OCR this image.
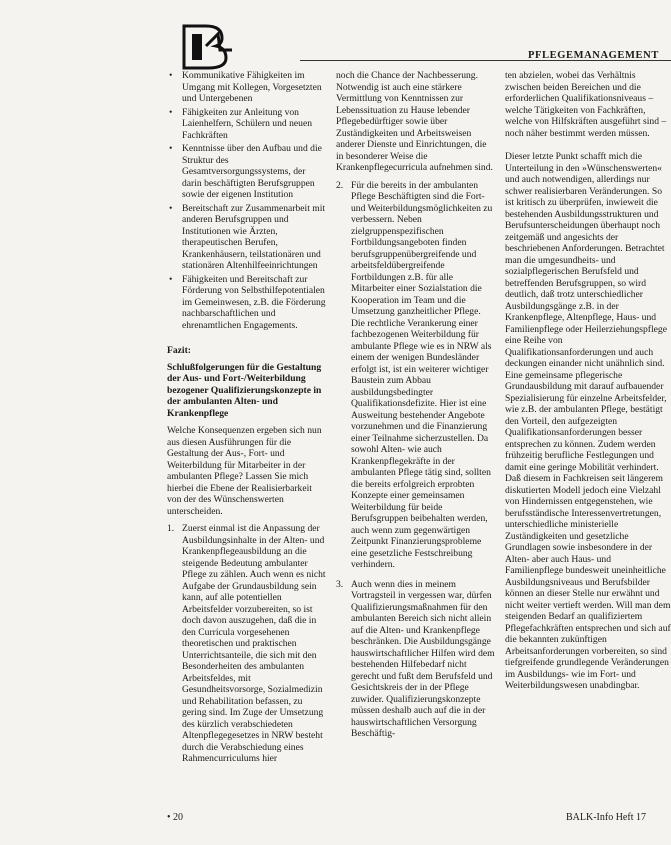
PFLEGEMANAGEMENT
• Kommunikative Fähigkeiten im Umgang mit Kollegen, Vorgesetzten und Untergebenen
• Fähigkeiten zur Anleitung von Laienhelfern, Schülern und neuen Fachkräften
• Kenntnisse über den Aufbau und die Struktur des Gesamtversorgungssystems, der darin beschäftigten Berufsgruppen sowie der eigenen Institution
• Bereitschaft zur Zusammenarbeit mit anderen Berufsgruppen und Institutionen wie Ärzten, therapeutischen Berufen, Krankenhäusern, teilstationären und stationären Altenhilfeeinrichtungen
• Fähigkeiten und Bereitschaft zur Förderung von Selbsthilfepotentialen im Gemeinwesen, z.B. die Förderung nachbarschaftlichen und ehrenamtlichen Engagements.
Fazit:
Schlußfolgerungen für die Gestaltung der Aus- und Fort-/Weiterbildung bezogener Qualifizierungskonzepte in der ambulanten Alten- und Krankenpflege

Welche Konsequenzen ergeben sich nun aus diesen Ausführungen für die Gestaltung der Aus-, Fort- und Weiterbildung für Mitarbeiter in der ambulanten Pflege? Lassen Sie mich hierbei die Ebene der Realisierbarkeit von der des Wünschenswerten unterscheiden.

1. Zuerst einmal ist die Anpassung der Ausbildungsinhalte in der Alten- und Krankenpflegeausbildung an die steigende Bedeutung ambulanter Pflege zu zählen. Auch wenn es nicht Aufgabe der Grundausbildung sein kann, auf alle potentiellen Arbeitsfelder vorzubereiten, so ist doch davon auszugehen, daß die in den Curricula vorgesehenen theoretischen und praktischen Unterrichtsanteile, die sich mit den Besonderheiten des ambulanten Arbeitsfeldes, mit Gesundheitsvorsorge, Sozialmedizin und Rehabilitation befassen, zu gering sind. Im Zuge der Umsetzung des kürzlich verabschiedeten Altenpflegegesetzes in NRW besteht durch die Verabschiedung eines Rahmencurriculums hier

noch die Chance der Nachbesserung. Notwendig ist auch eine stärkere Vermittlung von Kenntnissen zur Lebenssituation zu Hause lebender Pflegebedürftiger sowie über Zuständigkeiten und Arbeitsweisen anderer Dienste und Einrichtungen, die in besonderer Weise die Krankenpflegecurricula aufnehmen sind.

2. Für die bereits in der ambulanten Pflege Beschäftigten sind die Fort- und Weiterbildungsmöglichkeiten zu verbessern. Neben zielgruppenspezifischen Fortbildungsangeboten finden berufsgruppenübergreifende und arbeitsfeldübergreifende Fortbildungen z.B. für alle Mitarbeiter einer Sozialstation die Kooperation im Team und die Umsetzung ganzheitlicher Pflege. Die rechtliche Verankerung einer fachbezogenen Weiterbildung für ambulante Pflege wie es in NRW als einem der wenigen Bundesländer erfolgt ist, ist ein weiterer wichtiger Baustein zum Abbau ausbildungsbedingter Qualifikationsdefizite. Hier ist eine Ausweitung bestehender Angebote vorzunehmen und die Finanzierung einer Teilnahme sicherzustellen. Da sowohl Alten- wie auch Krankenpflegekräfte in der ambulanten Pflege tätig sind, sollten die bereits erfolgreich erprobten Konzepte einer gemeinsamen Weiterbildung für beide Berufsgruppen beibehalten werden, auch wenn zum gegenwärtigen Zeitpunkt Finanzierungsprobleme eine gesetzliche Festschreibung verhindern.
3. Auch wenn dies in meinem Vortragsteil in vergessen war, dürfen Qualifizierungsmaßnahmen für den ambulanten Bereich sich nicht allein auf die Alten- und Krankenpflege beschränken. Die Ausbildungsgänge hauswirtschaftlicher Hilfen wird dem bestehenden Hilfebedarf nicht gerecht und fußt dem Berufsfeld und Gesichtskreis der in der Pflege zuwider. Qualifizierungskonzepte müssen deshalb auch auf die in der hauswirtschaftlichen Versorgung Beschäftig-

ten abzielen, wobei das Verhältnis zwischen beiden Bereichen und die erforderlichen Qualifikationsniveaus – welche Tätigkeiten von Fachkräften, welche von Hilfskräften ausgeführt sind – noch näher bestimmt werden müssen.

Dieser letzte Punkt schafft mich die Unterteilung in den »Wünschenswerten« und auch notwendigen, allerdings nur schwer realisierbaren Veränderungen. So ist kritisch zu überprüfen, inwieweit die bestehenden Ausbildungsstrukturen und Berufsunterscheidungen überhaupt noch zeitgemäß und angesichts der beschriebenen Anforderungen. Betrachtet man die umgesundheits- und sozialpflegerischen Berufsfeld und betreffenden Berufsgruppen, so wird deutlich, daß trotz unterschiedlicher Ausbildungsgänge z.B. in der Krankenpflege, Altenpflege, Haus- und Familienpflege oder Heilerziehungspflege eine Reihe von Qualifikationsanforderungen und auch deckungen einander nicht unähnlich sind. Eine gemeinsame pflegerische Grundausbildung mit darauf aufbauender Spezialisierung für einzelne Arbeitsfelder, wie z.B. der ambulanten Pflege, bestätigt den Vorteil, den aufgezeigten Qualifikationsanforderungen besser entsprechen zu können. Zudem werden frühzeitig berufliche Festlegungen und damit eine geringe Mobilität verhindert. Daß diesem in Fachkreisen seit längerem diskutierten Modell jedoch eine Vielzahl von Hindernissen entgegenstehen, wie berufsständische Interessenvertretungen, unterschiedliche ministerielle Zuständigkeiten und gesetzliche Grundlagen sowie insbesondere in der Alten- aber auch Haus- und Familienpflege bundesweit uneinheitliche Ausbildungsniveaus und Berufsbilder können an dieser Stelle nur erwähnt und nicht weiter vertieft werden. Will man dem steigenden Bedarf an qualifiziertem Pflegefachkräften entsprechen und sich auf die bekannten zukünftigen Arbeitsanforderungen vorbereiten, so sind tiefgreifende grundlegende Veränderungen im Ausbildungs- wie im Fort- und Weiterbildungswesen unabdingbar.

• 20	BALK-Info Heft 17
